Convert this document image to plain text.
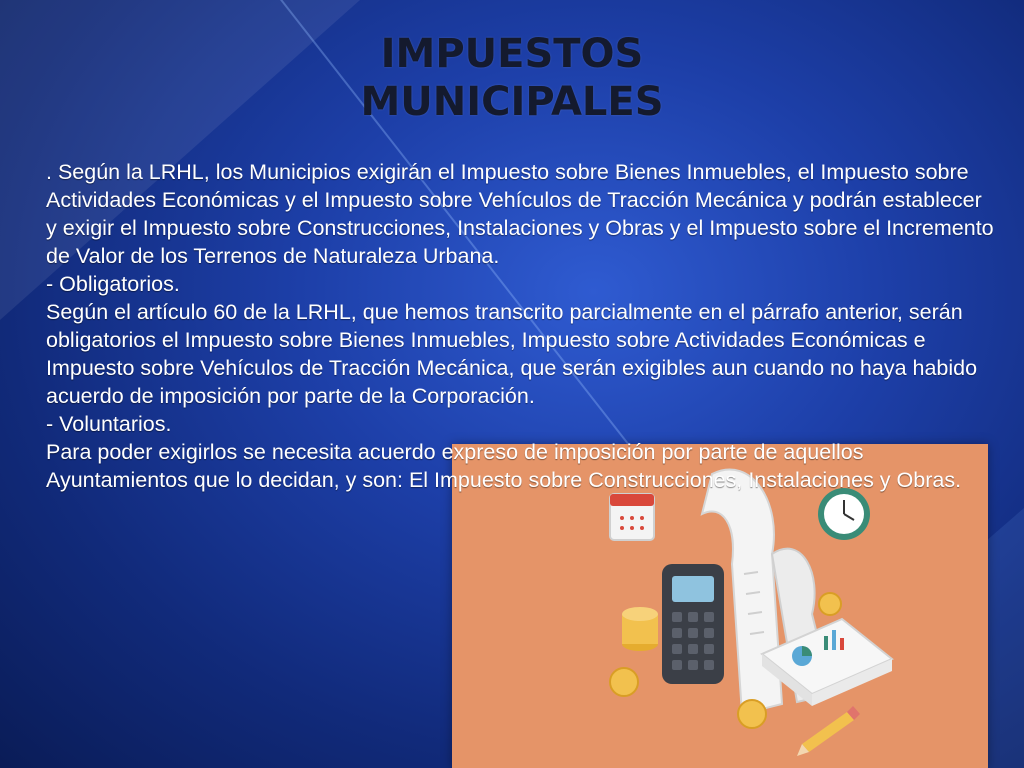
IMPUESTOS
MUNICIPALES

. Según la LRHL, los Municipios exigirán el Impuesto sobre Bienes Inmuebles, el Impuesto sobre Actividades Económicas y el Impuesto sobre Vehículos de Tracción Mecánica y podrán establecer y exigir el Impuesto sobre Construcciones, Instalaciones y Obras y el Impuesto sobre el Incremento de Valor de los Terrenos de Naturaleza Urbana.

- Obligatorios.

Según el artículo 60 de la LRHL, que hemos transcrito parcialmente en el párrafo anterior, serán obligatorios el Impuesto sobre Bienes Inmuebles, Impuesto sobre Actividades Económicas e Impuesto sobre Vehículos de Tracción Mecánica, que serán exigibles aun cuando no haya habido acuerdo de imposición por parte de la Corporación.

- Voluntarios.

Para poder exigirlos se necesita acuerdo expreso de imposición por parte de aquellos Ayuntamientos que lo decidan, y son: El Impuesto sobre Construcciones, Instalaciones y Obras.
